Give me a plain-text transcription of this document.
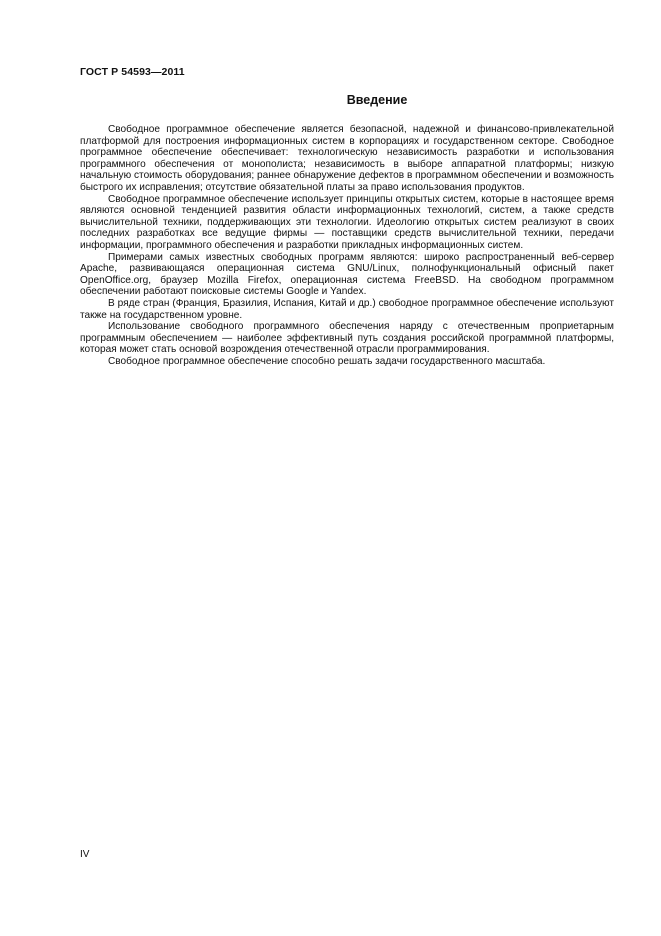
ГОСТ Р 54593—2011
Введение

Свободное программное обеспечение является безопасной, надежной и финансово-привлекательной платформой для построения информационных систем в корпорациях и государственном секторе. Свободное программное обеспечение обеспечивает: технологическую независимость разработки и использования программного обеспечения от монополиста; независимость в выборе аппаратной платформы; низкую начальную стоимость оборудования; раннее обнаружение дефектов в программном обеспечении и возможность быстрого их исправления; отсутствие обязательной платы за право использования продуктов.

Свободное программное обеспечение использует принципы открытых систем, которые в настоящее время являются основной тенденцией развития области информационных технологий, систем, а также средств вычислительной техники, поддерживающих эти технологии. Идеологию открытых систем реализуют в своих последних разработках все ведущие фирмы — поставщики средств вычислительной техники, передачи информации, программного обеспечения и разработки прикладных информационных систем.

Примерами самых известных свободных программ являются: широко распространенный веб-сервер Apache, развивающаяся операционная система GNU/Linux, полнофункциональный офисный пакет OpenOffice.org, браузер Mozilla Firefox, операционная система FreeBSD. На свободном программном обеспечении работают поисковые системы Google и Yandex.

В ряде стран (Франция, Бразилия, Испания, Китай и др.) свободное программное обеспечение используют также на государственном уровне.

Использование свободного программного обеспечения наряду с отечественным проприетарным программным обеспечением — наиболее эффективный путь создания российской программной платформы, которая может стать основой возрождения отечественной отрасли программирования.

Свободное программное обеспечение способно решать задачи государственного масштаба.

IV
